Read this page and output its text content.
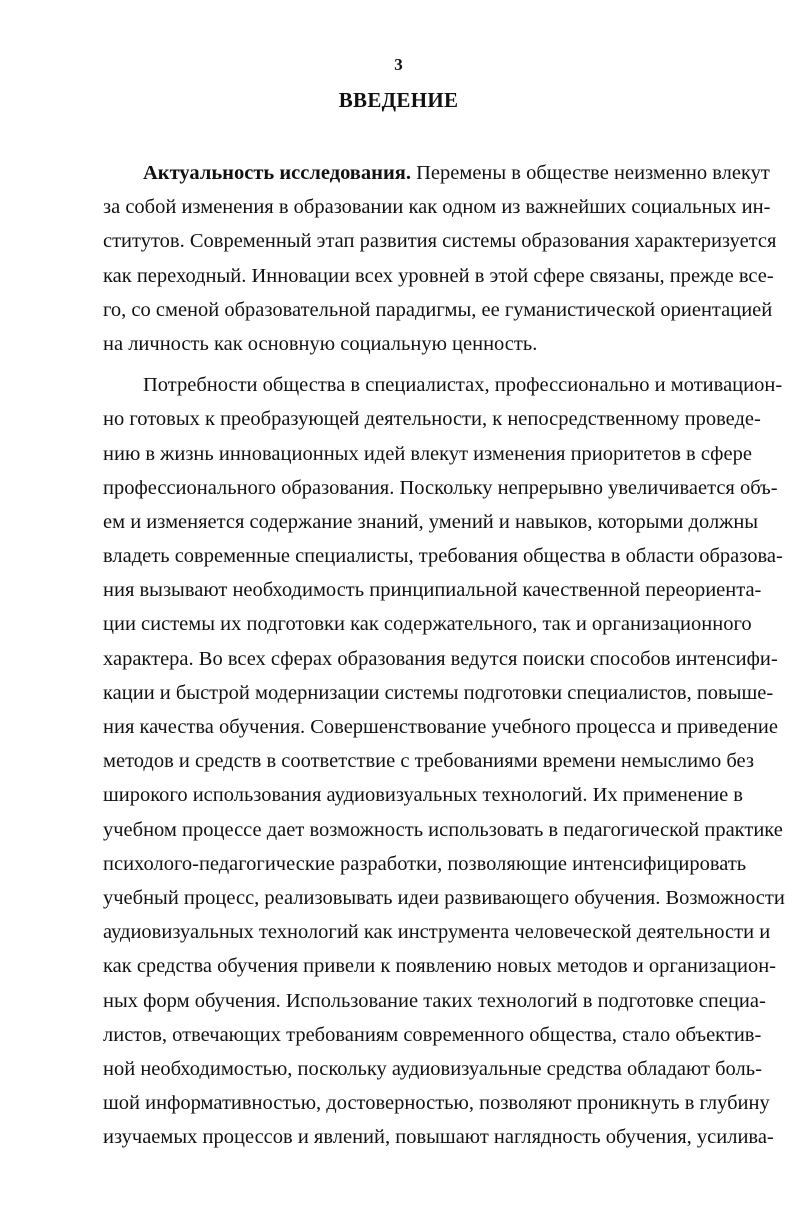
3
ВВЕДЕНИЕ
Актуальность исследования. Перемены в обществе неизменно влекут
за собой изменения в образовании как одном из важнейших социальных ин-
ститутов. Современный этап развития системы образования характеризуется
как переходный. Инновации всех уровней в этой сфере связаны, прежде все-
го, со сменой образовательной парадигмы, ее гуманистической ориентацией
на личность как основную социальную ценность.
Потребности общества в специалистах, профессионально и мотивацион-
но готовых к преобразующей деятельности, к непосредственному проведе-
нию в жизнь инновационных идей влекут изменения приоритетов в сфере
профессионального образования. Поскольку непрерывно увеличивается объ-
ем и изменяется содержание знаний, умений и навыков, которыми должны
владеть современные специалисты, требования общества в области образова-
ния вызывают необходимость принципиальной качественной переориента-
ции системы их подготовки как содержательного, так и организационного
характера. Во всех сферах образования ведутся поиски способов интенсифи-
кации и быстрой модернизации системы подготовки специалистов, повыше-
ния качества обучения. Совершенствование учебного процесса и приведение
методов и средств в соответствие с требованиями времени немыслимо без
широкого использования аудиовизуальных технологий. Их применение в
учебном процессе дает возможность использовать в педагогической практике
психолого-педагогические разработки, позволяющие интенсифицировать
учебный процесс, реализовывать идеи развивающего обучения. Возможности
аудиовизуальных технологий как инструмента человеческой деятельности и
как средства обучения привели к появлению новых методов и организацион-
ных форм обучения. Использование таких технологий в подготовке специа-
листов, отвечающих требованиям современного общества, стало объектив-
ной необходимостью, поскольку аудиовизуальные средства обладают боль-
шой информативностью, достоверностью, позволяют проникнуть в глубину
изучаемых процессов и явлений, повышают наглядность обучения, усилива-
